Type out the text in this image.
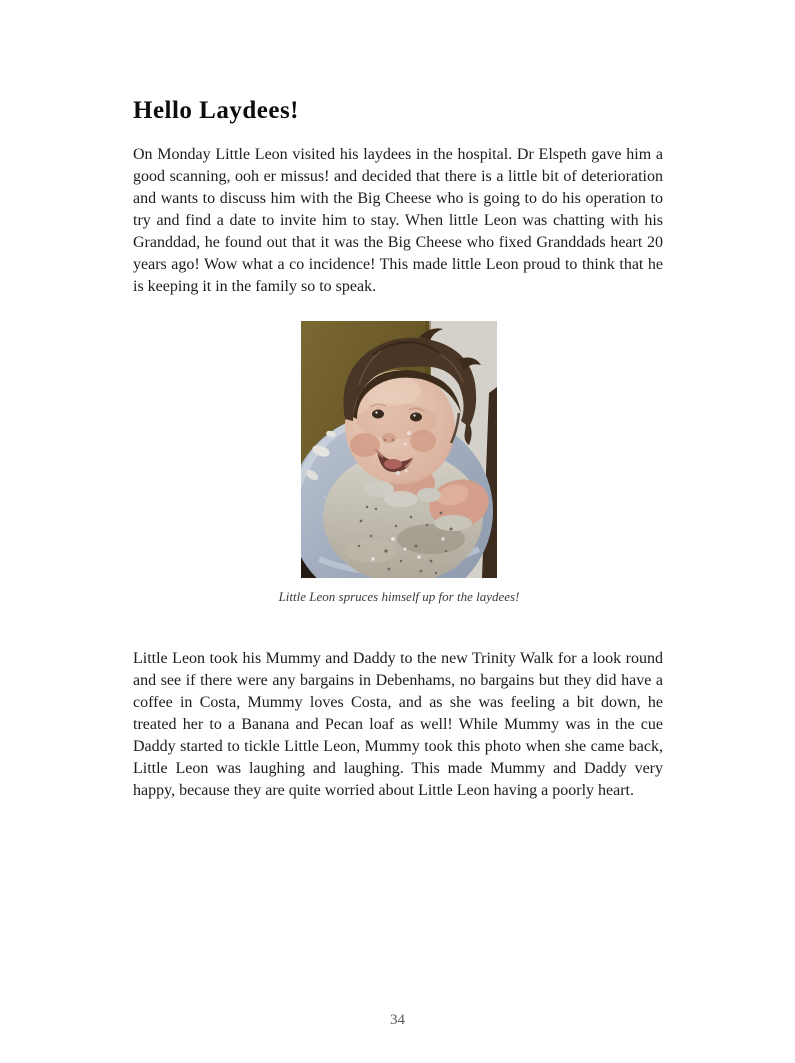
Hello Laydees!

On Monday Little Leon visited his laydees in the hospital. Dr Elspeth gave him a good scanning, ooh er missus! and decided that there is a little bit of deterioration and wants to discuss him with the Big Cheese who is going to do his operation to try and find a date to invite him to stay. When little Leon was chatting with his Granddad, he found out that it was the Big Cheese who fixed Granddads heart 20 years ago! Wow what a co incidence! This made little Leon proud to think that he is keeping it in the family so to speak.

Little Leon spruces himself up for the laydees!

Little Leon took his Mummy and Daddy to the new Trinity Walk for a look round and see if there were any bargains in Debenhams, no bargains but they did have a coffee in Costa, Mummy loves Costa, and as she was feeling a bit down, he treated her to a Banana and Pecan loaf as well! While Mummy was in the cue Daddy started to tickle Little Leon, Mummy took this photo when she came back, Little Leon was laughing and laughing. This made Mummy and Daddy very happy, because they are quite worried about Little Leon having a poorly heart.

34
